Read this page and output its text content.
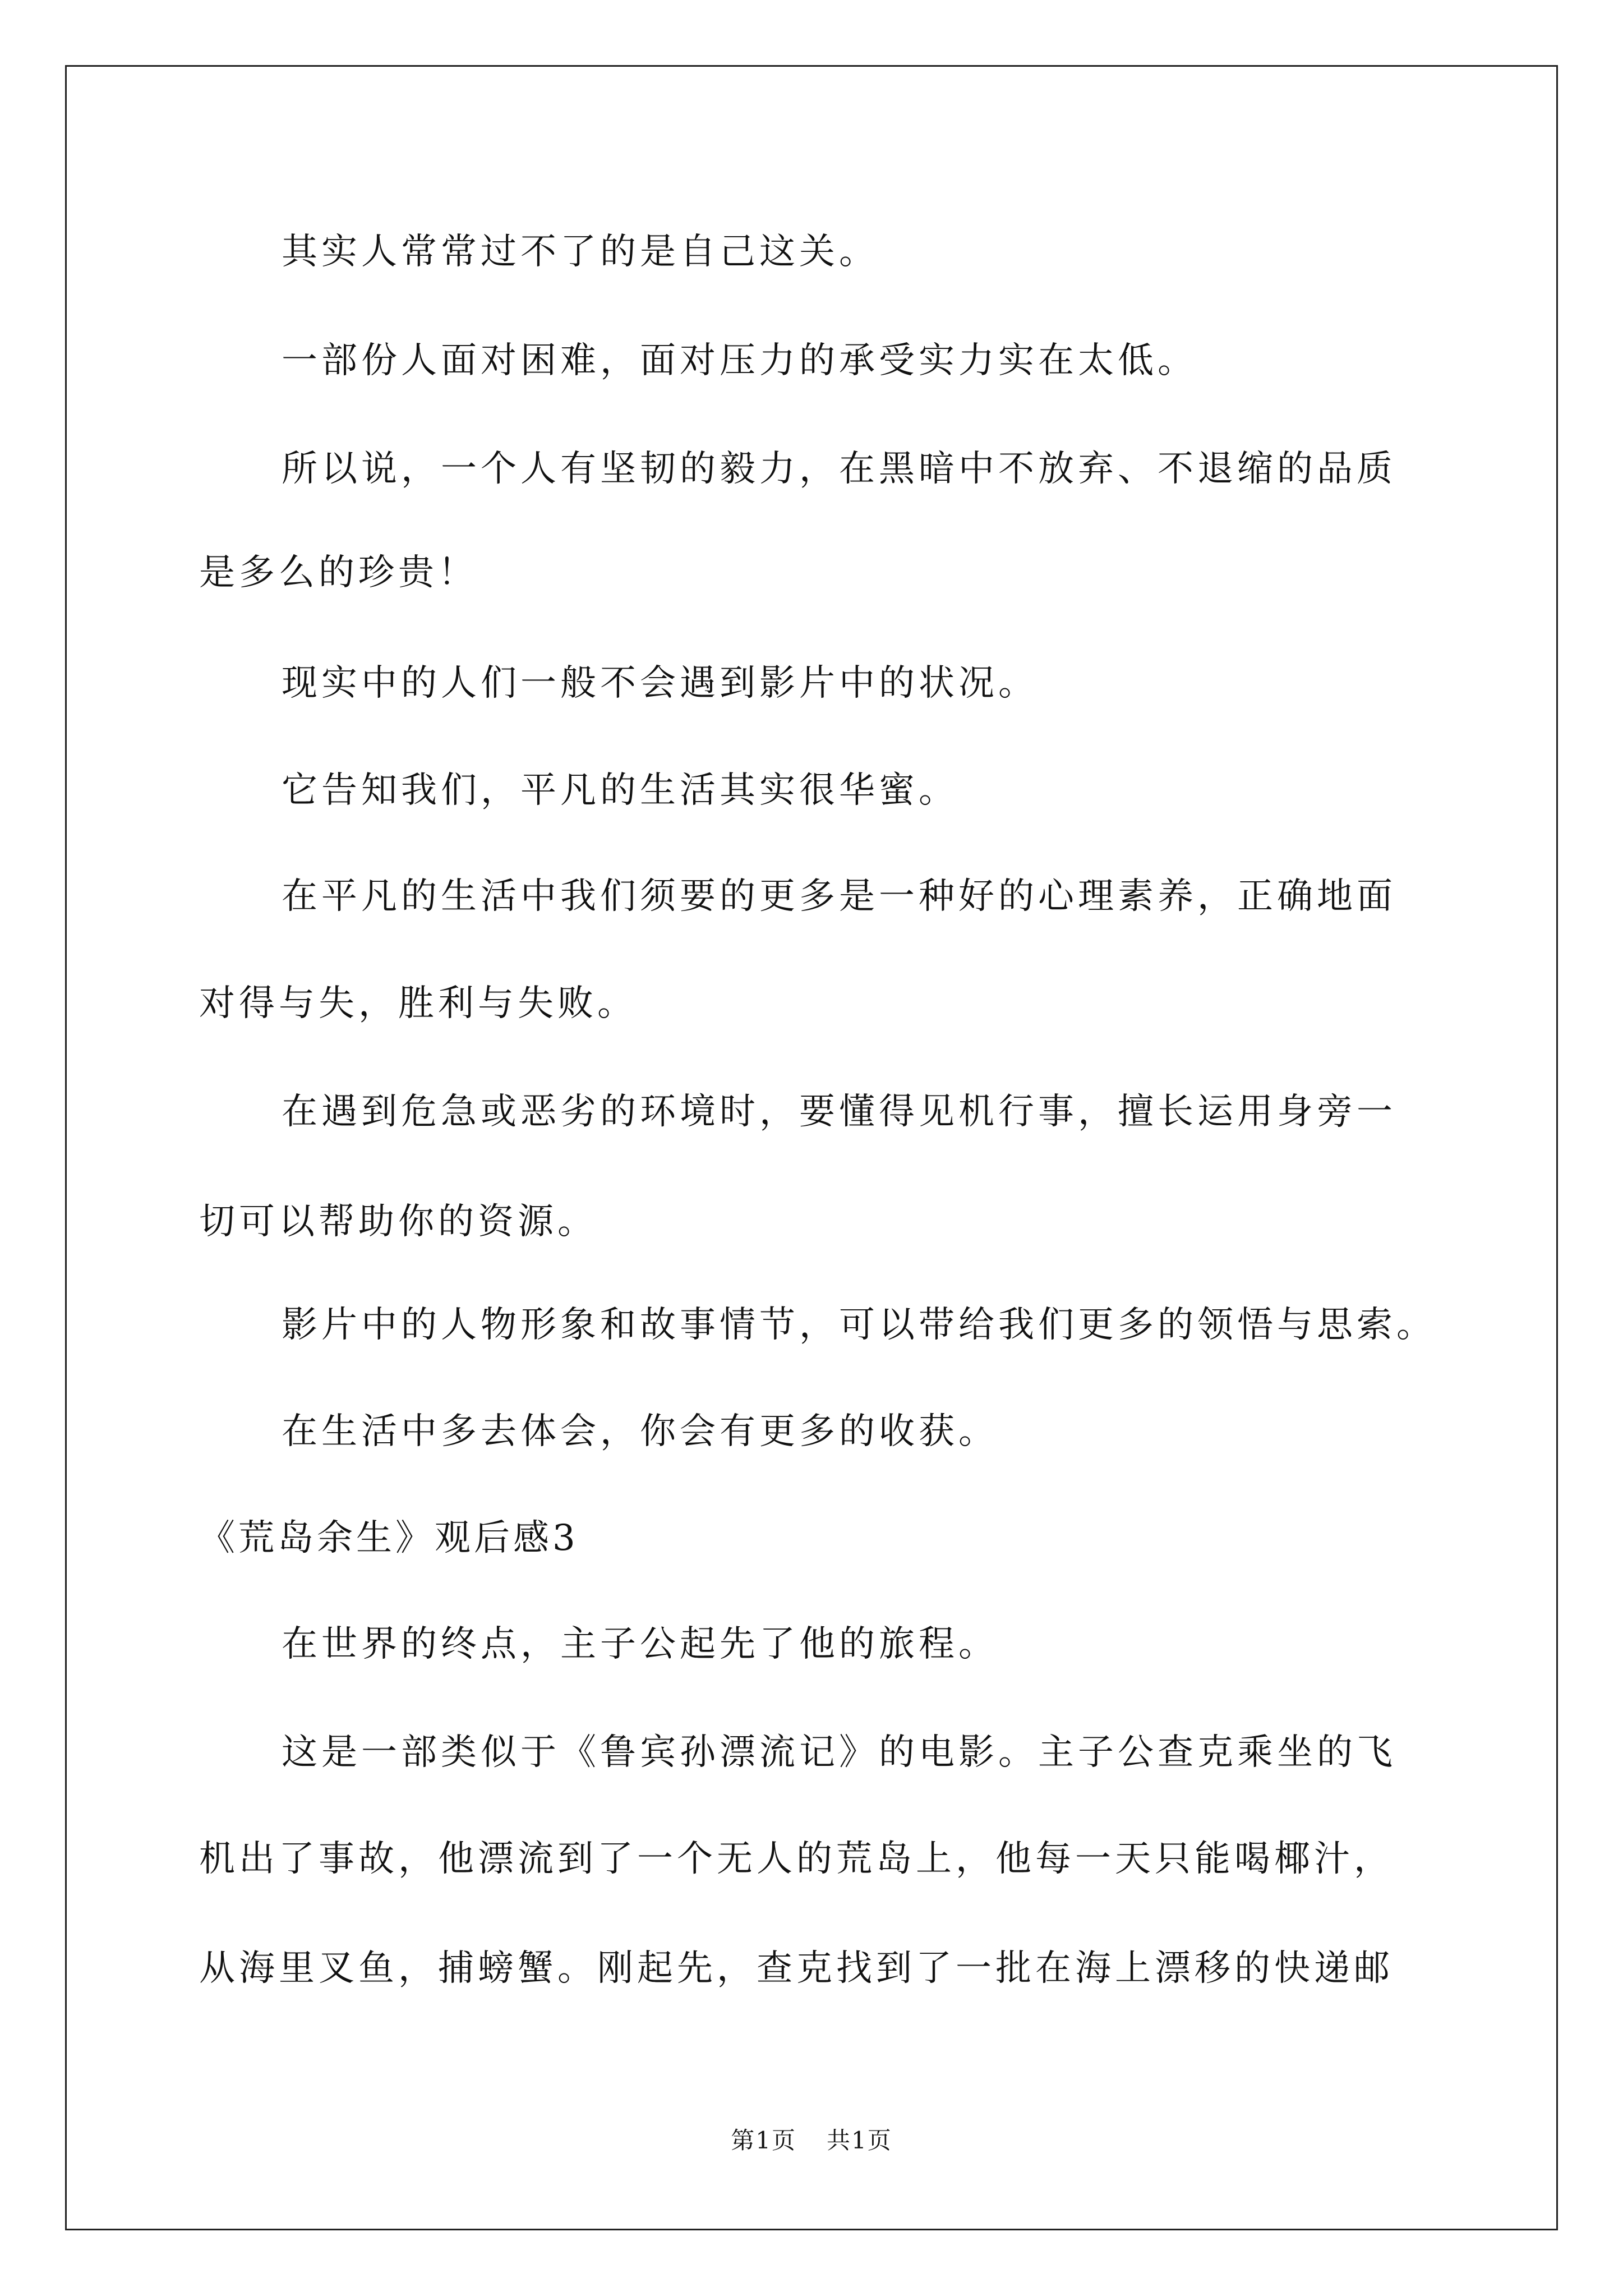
其实人常常过不了的是自己这关。
一部份人面对困难，面对压力的承受实力实在太低。
所以说，一个人有坚韧的毅力，在黑暗中不放弃、不退缩的品质
是多么的珍贵！
现实中的人们一般不会遇到影片中的状况。
它告知我们，平凡的生活其实很华蜜。
在平凡的生活中我们须要的更多是一种好的心理素养，正确地面
对得与失，胜利与失败。
在遇到危急或恶劣的环境时，要懂得见机行事，擅长运用身旁一
切可以帮助你的资源。
影片中的人物形象和故事情节，可以带给我们更多的领悟与思索。
在生活中多去体会，你会有更多的收获。
《荒岛余生》观后感3
在世界的终点，主子公起先了他的旅程。
这是一部类似于《鲁宾孙漂流记》的电影。主子公查克乘坐的飞
机出了事故，他漂流到了一个无人的荒岛上，他每一天只能喝椰汁，
从海里叉鱼，捕螃蟹。刚起先，查克找到了一批在海上漂移的快递邮
第1页 共1页
